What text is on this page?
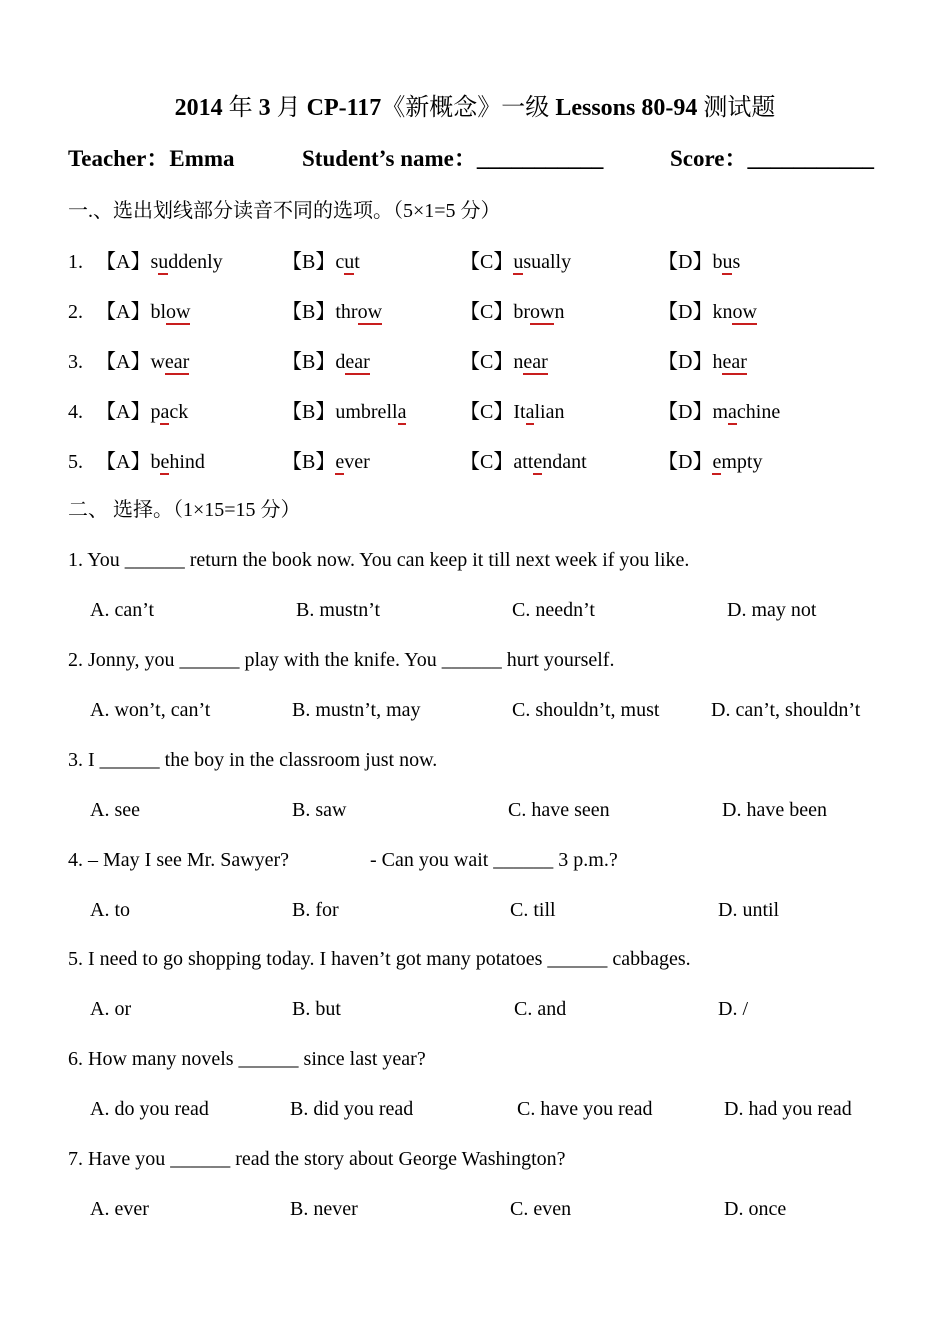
2014 年 3 月 CP-117《新概念》一级 Lessons 80-94 测试题
Teacher：Emma	Student’s name：___________	Score：___________
一.、选出划线部分读音不同的选项。（5×1=5 分）
1. 【A】suddenly	【B】cut	【C】usually	【D】bus
2. 【A】blow	【B】throw	【C】brown	【D】know
3. 【A】wear	【B】dear	【C】near	【D】hear
4. 【A】pack	【B】umbrella	【C】Italian	【D】machine
5. 【A】behind	【B】ever	【C】attendant	【D】empty
二、 选择。（1×15=15 分）
1. You ______ return the book now. You can keep it till next week if you like.
A. can’t	B. mustn’t	C. needn’t	D. may not
2. Jonny, you ______ play with the knife. You ______ hurt yourself.
A. won’t, can’t	B. mustn’t, may	C. shouldn’t, must	D. can’t, shouldn’t
3. I ______ the boy in the classroom just now.
A. see	B. saw	C. have seen	D. have been
4. – May I see Mr. Sawyer?	- Can you wait ______ 3 p.m.?
A. to	B. for	C. till	D. until
5. I need to go shopping today. I haven’t got many potatoes ______ cabbages.
A. or	B. but	C. and	D. /
6. How many novels ______ since last year?
A. do you read	B. did you read	C. have you read	D. had you read
7. Have you ______ read the story about George Washington?
A. ever	B. never	C. even	D. once
